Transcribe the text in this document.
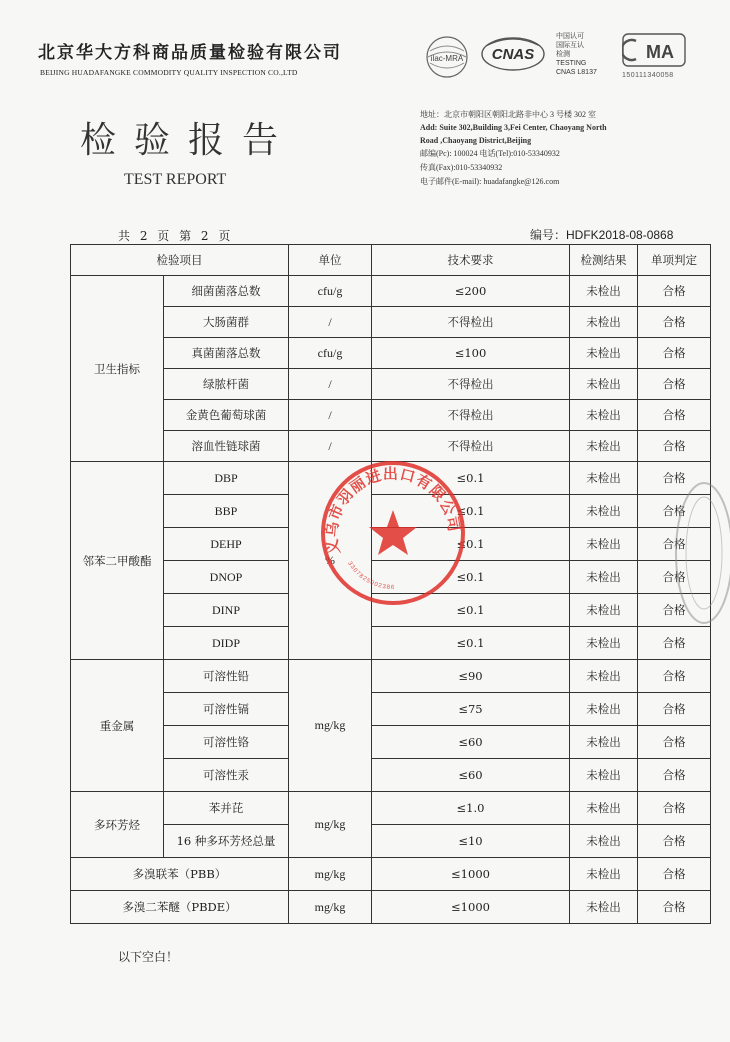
北京华大方科商品质量检验有限公司
BEIJING HUADAFANGKE COMMODITY QUALITY INSPECTION CO.,LTD
ilac-MRA CNAS
中国认可
国际互认
检测
TESTING
CNAS L8137
MA
150111340058
检验报告
TEST REPORT
地址：北京市朝阳区朝阳北路非中心 3 号楼 302 室
Add: Suite 302,Building 3,Fei Center, Chaoyang North
Road ,Chaoyang District,Beijing
邮编(Pc): 100024 电话(Tel):010-53340932
传真(Fax):010-53340932
电子邮件(E-mail): huadafangke@126.com
共 2 页 第 2 页	编号：HDFK2018-08-0868
检验项目		单位	技术要求	检测结果	单项判定
卫生指标	细菌菌落总数	cfu/g	≤200	未检出	合格
	大肠菌群	/	不得检出	未检出	合格
	真菌菌落总数	cfu/g	≤100	未检出	合格
	绿脓杆菌	/	不得检出	未检出	合格
	金黄色葡萄球菌	/	不得检出	未检出	合格
	溶血性链球菌	/	不得检出	未检出	合格
邻苯二甲酸酯	DBP	%	≤0.1	未检出	合格
	BBP		≤0.1	未检出	合格
	DEHP		≤0.1	未检出	合格
	DNOP		≤0.1	未检出	合格
	DINP		≤0.1	未检出	合格
	DIDP		≤0.1	未检出	合格
重金属	可溶性铅	mg/kg	≤90	未检出	合格
	可溶性镉		≤75	未检出	合格
	可溶性铬		≤60	未检出	合格
	可溶性汞		≤60	未检出	合格
多环芳烃	苯并芘	mg/kg	≤1.0	未检出	合格
	16 种多环芳烃总量		≤10	未检出	合格
多溴联苯（PBB）		mg/kg	≤1000	未检出	合格
多溴二苯醚（PBDE）		mg/kg	≤1000	未检出	合格
以下空白！
义乌市羽丽进出口有限公司
3307825002386
